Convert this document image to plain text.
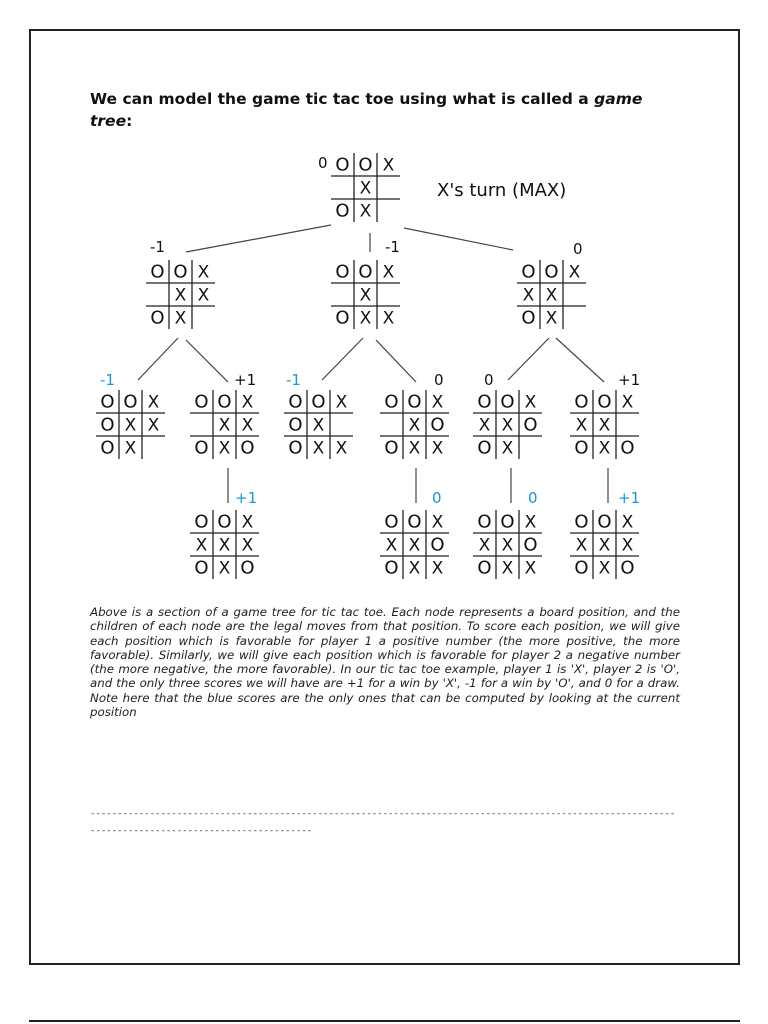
We can model the game tic tac toe using what is called a game tree:
X's turn (MAX)
O O X
X
O X
0
O O X
X X
O X
-1
O O X
X
O X X
-1
O O X
X X
O X
0
O O X
O X X
O X
-1
O O X
X X
O X O
+1
O O X
O X
O X X
-1
O O X
X O
O X X
0
O O X
X X O
O X
0
O O X
X X
O X O
+1
O O X
X X X
O X O
+1
O O X
X X O
O X X
0
O O X
X X O
O X X
0
O O X
X X X
O X O
+1
Above is a section of a game tree for tic tac toe. Each node represents a board position, and the children of each node are the legal moves from that position. To score each position, we will give each position which is favorable for player 1 a positive number (the more positive, the more favorable). Similarly, we will give each position which is favorable for player 2 a negative number (the more negative, the more favorable). In our tic tac toe example, player 1 is 'X', player 2 is 'O', and the only three scores we will have are +1 for a win by 'X', -1 for a win by 'O', and 0 for a draw. Note here that the blue scores are the only ones that can be computed by looking at the current position
-----------------------------------------------------------------------------------------------------------------------------------------------------
